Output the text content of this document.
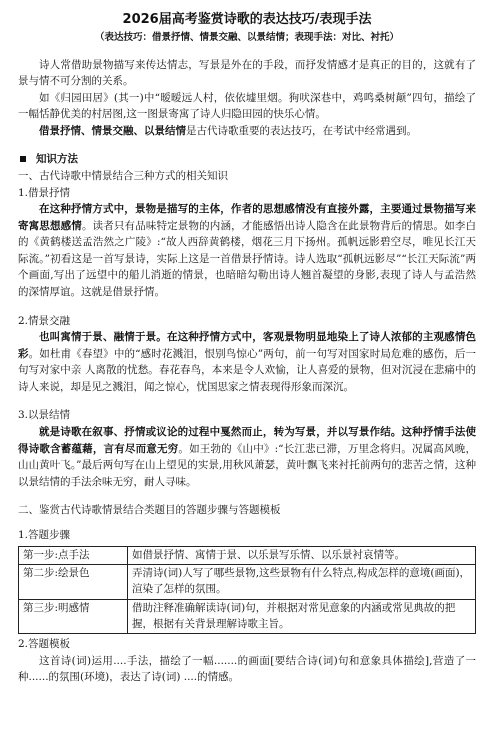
2026届高考鉴赏诗歌的表达技巧/表现手法

（表达技巧：借景抒情、情景交融、以景结情；表现手法：对比、衬托）

诗人常借助景物描写来传达情志，写景是外在的手段，而抒发情感才是真正的目的，这就有了景与情不可分割的关系。

如《归园田居》(其一)中“暧暧远人村，依依墟里烟。狗吠深巷中，鸡鸣桑树颠”四句，描绘了一幅恬静优美的村居图,这一图景寄寓了诗人归隐田园的快乐心情。

借景抒情、情景交融、以景结情是古代诗歌重要的表达技巧，在考试中经常遇到。

知识方法

一、古代诗歌中情景结合三种方式的相关知识

1.借景抒情

在这种抒情方式中，景物是描写的主体，作者的思想感情没有直接外露，主要通过景物描写来寄寓思想感情。读者只有品味特定景物的内涵，才能感悟出诗人隐含在此景物背后的情思。如李白的《黄鹤楼送孟浩然之广陵》:“故人西辞黄鹤楼，烟花三月下扬州。孤帆远影碧空尽，唯见长江天际流。”初看这是一首写景诗，实际上这是一首借景抒情诗。诗人选取“孤帆远影尽”“长江天际流”两个画面,写出了远望中的船儿消逝的情景，也暗暗勾勒出诗人翘首凝望的身影,表现了诗人与孟浩然的深情厚谊。这就是借景抒情。

2.情景交融

也叫寓情于景、融情于景。在这种抒情方式中，客观景物明显地染上了诗人浓郁的主观感情色彩。如杜甫《春望》中的“感时花溅泪，恨别鸟惊心”两句，前一句写对国家时局危难的感伤，后一句写对家中亲 人离散的忧愁。春花春鸟，本来是令人欢愉，让人喜爱的景物，但对沉浸在悲痛中的诗人来说，却是见之溅泪，闻之惊心，忧国思家之情表现得形象而深沉。

3.以景结情

就是诗歌在叙事、抒情或议论的过程中戛然而止，转为写景，并以写景作结。这种抒情手法使得诗歌含蓄蕴藉，言有尽而意无穷。如王勃的《山中》:“长江悲已滞，万里念将归。况属高风晚，山山黄叶飞。”最后两句写在山上望见的实景,用秋风萧瑟，黄叶飘飞来衬托前两句的悲苦之情，这种以景结情的手法余味无穷，耐人寻味。

二、鉴赏古代诗歌情景结合类题目的答题步骤与答题模板

1.答题步骤

第一步:点手法	如借景抒情、寓情于景、以乐景写乐情、以乐景衬哀情等。
第二步:绘景色	弄清诗(词)人写了哪些景物,这些景物有什么特点,构成怎样的意境(画面)，渲染了怎样的氛围。
第三步:明感情	借助注释准确解读诗(词)句，并根据对常见意象的内涵或常见典故的把握，根据有关背景理解诗歌主旨。

2.答题模板

这首诗(词)运用....手法，描绘了一幅.......的画面[要结合诗(词)句和意象具体描绘],营造了一种......的氛围(环境)，表达了诗(词) ....的情感。
